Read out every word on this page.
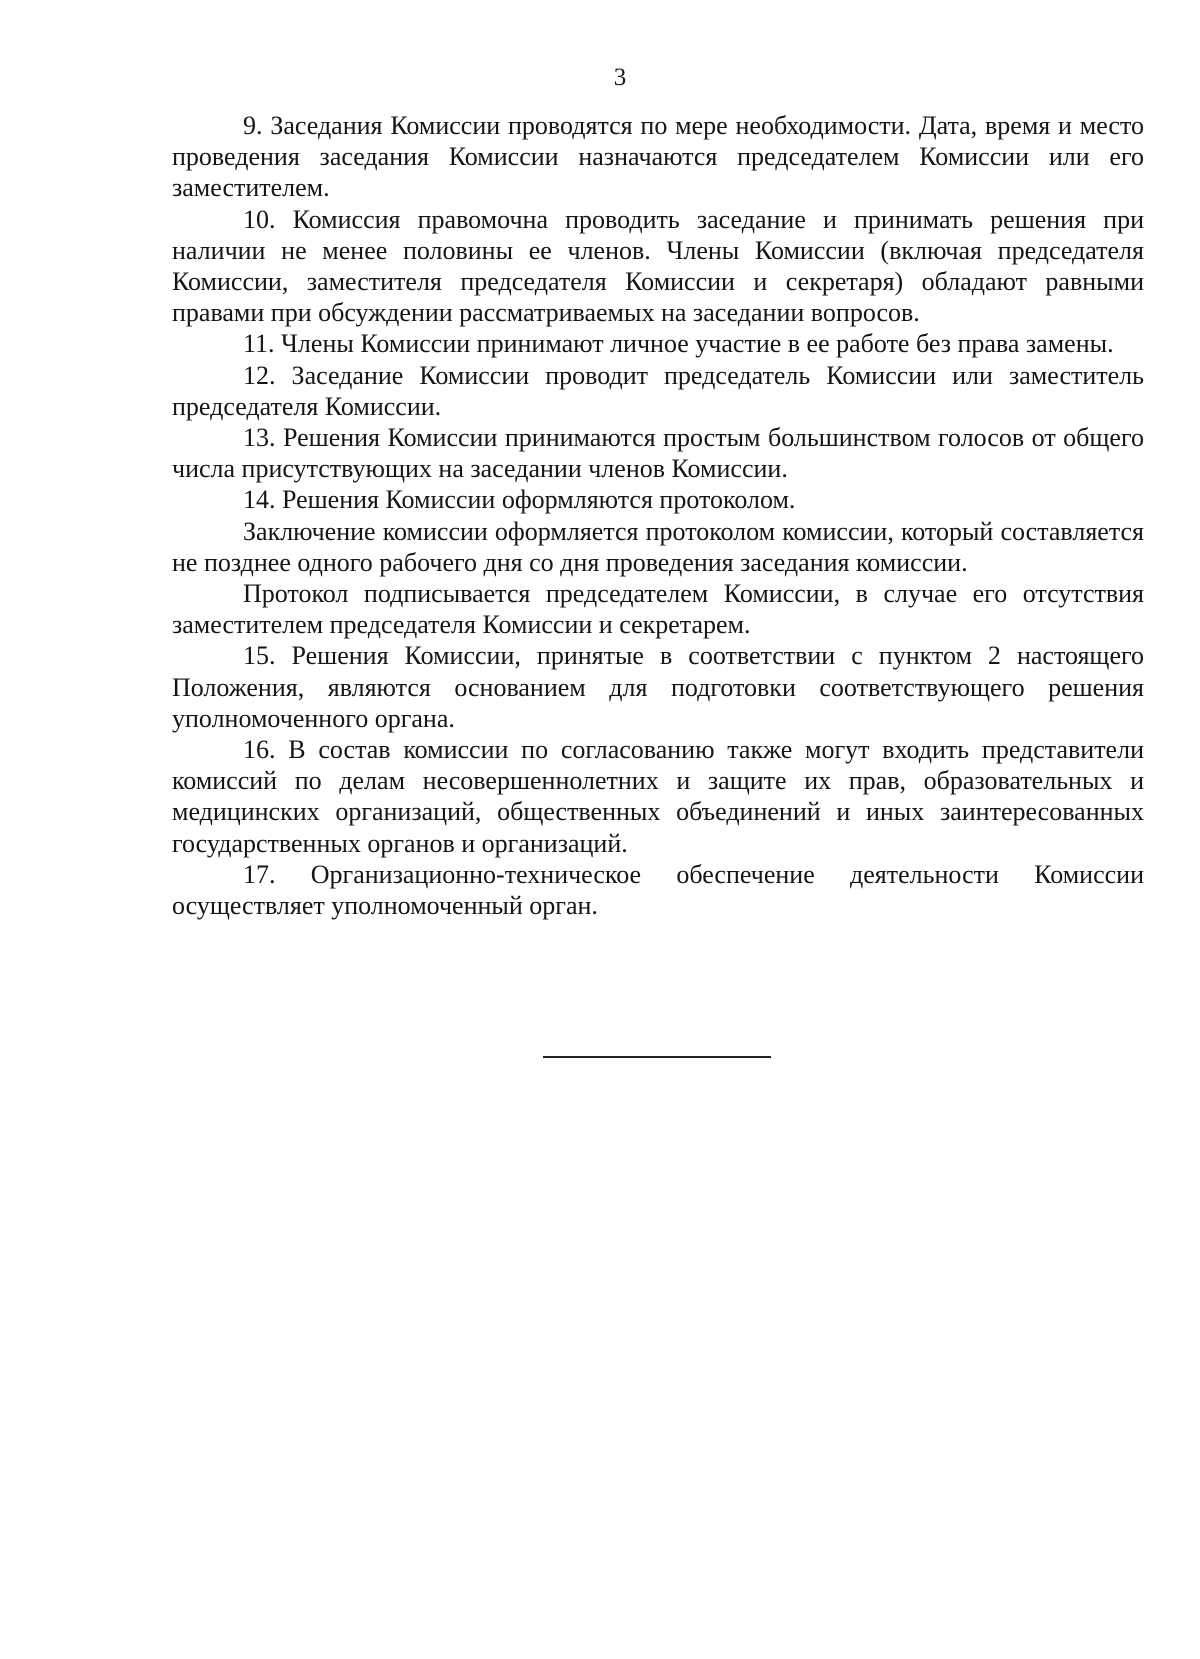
3

9. Заседания Комиссии проводятся по мере необходимости. Дата, время и место проведения заседания Комиссии назначаются председателем Комиссии или его заместителем.

10. Комиссия правомочна проводить заседание и принимать решения при наличии не менее половины ее членов. Члены Комиссии (включая председателя Комиссии, заместителя председателя Комиссии и секретаря) обладают равными правами при обсуждении рассматриваемых на заседании вопросов.

11. Члены Комиссии принимают личное участие в ее работе без права замены.

12. Заседание Комиссии проводит председатель Комиссии или заместитель председателя Комиссии.

13. Решения Комиссии принимаются простым большинством голосов от общего числа присутствующих на заседании членов Комиссии.

14. Решения Комиссии оформляются протоколом.

Заключение комиссии оформляется протоколом комиссии, который составляется не позднее одного рабочего дня со дня проведения заседания комиссии.

Протокол подписывается председателем Комиссии, в случае его отсутствия заместителем председателя Комиссии и секретарем.

15. Решения Комиссии, принятые в соответствии с пунктом 2 настоящего Положения, являются основанием для подготовки соответствующего решения уполномоченного органа.

16. В состав комиссии по согласованию также могут входить представители комиссий по делам несовершеннолетних и защите их прав, образовательных и медицинских организаций, общественных объединений и иных заинтересованных государственных органов и организаций.

17. Организационно-техническое обеспечение деятельности Комиссии осуществляет уполномоченный орган.
